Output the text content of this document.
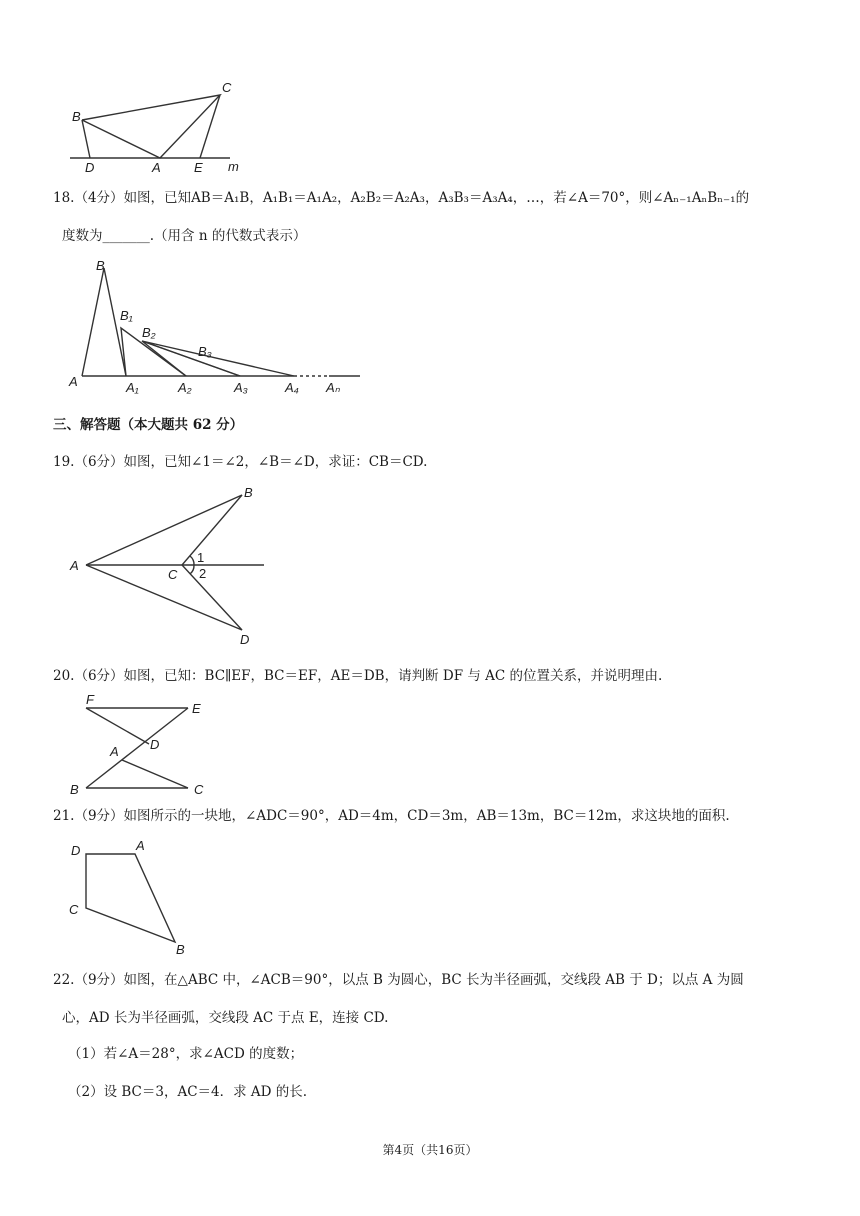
B
C
D	A	E m
18.（4分）如图，已知AB＝A₁B，A₁B₁＝A₁A₂，A₂B₂＝A₂A₃，A₃B₃＝A₃A₄，…，若∠A＝70°，则∠Aₙ₋₁AₙBₙ₋₁的
度数为_______.（用含 n 的代数式表示）
B
B₁
B₂
B₃
A	A₁	A₂	A₃	A₄ Aₙ
三、解答题（本大题共 62 分）
19.（6分）如图，已知∠1＝∠2，∠B＝∠D，求证：CB＝CD.
A
B
C
D
1
2
20.（6分）如图，已知：BC∥EF，BC＝EF，AE＝DB，请判断 DF 与 AC 的位置关系，并说明理由.
F
E
A D
B	C
21.（9分）如图所示的一块地，∠ADC＝90°，AD＝4m，CD＝3m，AB＝13m，BC＝12m，求这块地的面积.
D	A
C
B
22.（9分）如图，在△ABC 中，∠ACB＝90°，以点 B 为圆心，BC 长为半径画弧，交线段 AB 于 D；以点 A 为圆
心，AD 长为半径画弧，交线段 AC 于点 E，连接 CD.
（1）若∠A＝28°，求∠ACD 的度数；
（2）设 BC＝3，AC＝4．求 AD 的长.
第4页（共16页）
